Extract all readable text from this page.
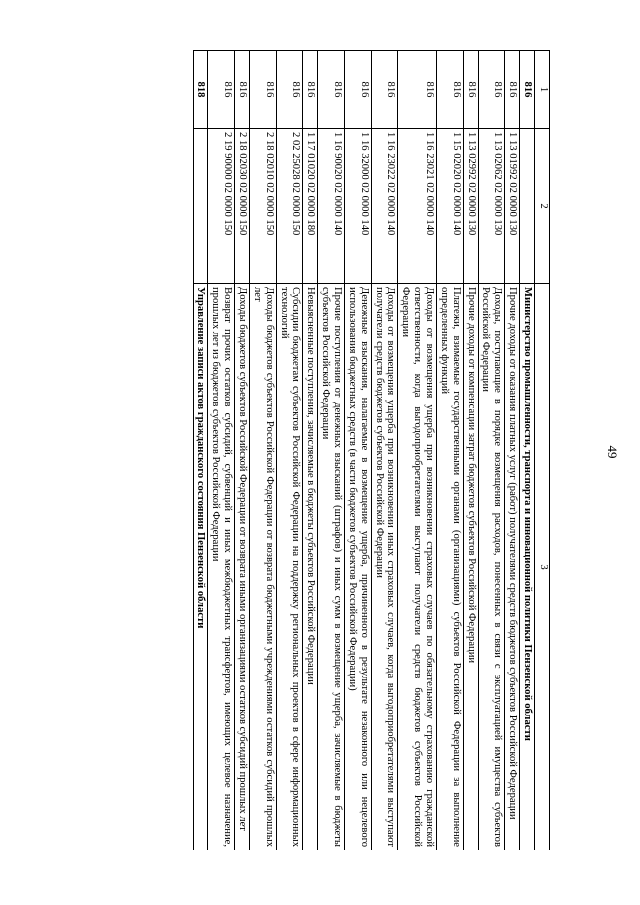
49
1	2	3
816		Министерство промышленности, транспорта и инновационной политики Пензенской области
816	1 13 01992 02 0000 130	Прочие доходы от оказания платных услуг (работ) получателями средств бюджетов субъектов Российской Федерации
816	1 13 02062 02 0000 130	Доходы, поступающие в порядке возмещения расходов, понесенных в связи с эксплуатацией имущества субъектов Российской Федерации
816	1 13 02992 02 0000 130	Прочие доходы от компенсации затрат бюджетов субъектов Российской Федерации
816	1 15 02020 02 0000 140	Платежи, взимаемые государственными органами (организациями) субъектов Российской Федерации за выполнение определенных функций
816	1 16 23021 02 0000 140	Доходы от возмещения ущерба при возникновении страховых случаев по обязательному страхованию гражданской ответственности, когда выгодоприобретателями выступают получатели средств бюджетов субъектов Российской Федерации
816	1 16 23022 02 0000 140	Доходы от возмещения ущерба при возникновении иных страховых случаев, когда выгодоприобретателями выступают получатели средств бюджетов субъектов Российской Федерации
816	1 16 32000 02 0000 140	Денежные взыскания, налагаемые в возмещение ущерба, причиненного в результате незаконного или нецелевого использования бюджетных средств (в части бюджетов субъектов Российской Федерации)
816	1 16 90020 02 0000 140	Прочие поступления от денежных взысканий (штрафов) и иных сумм в возмещение ущерба, зачисляемые в бюджеты субъектов Российской Федерации
816	1 17 01020 02 0000 180	Невыясненные поступления, зачисляемые в бюджеты субъектов Российской Федерации
816	2 02 25028 02 0000 150	Субсидии бюджетам субъектов Российской Федерации на поддержку региональных проектов в сфере информационных технологий
816	2 18 02010 02 0000 150	Доходы бюджетов субъектов Российской Федерации от возврата бюджетными учреждениями остатков субсидий прошлых лет
816	2 18 02030 02 0000 150	Доходы бюджетов субъектов Российской Федерации от возврата иными организациями остатков субсидий прошлых лет
816	2 19 90000 02 0000 150	Возврат прочих остатков субсидий, субвенций и иных межбюджетных трансфертов, имеющих целевое назначение, прошлых лет из бюджетов субъектов Российской Федерации
818		Управление записи актов гражданского состояния Пензенской области
